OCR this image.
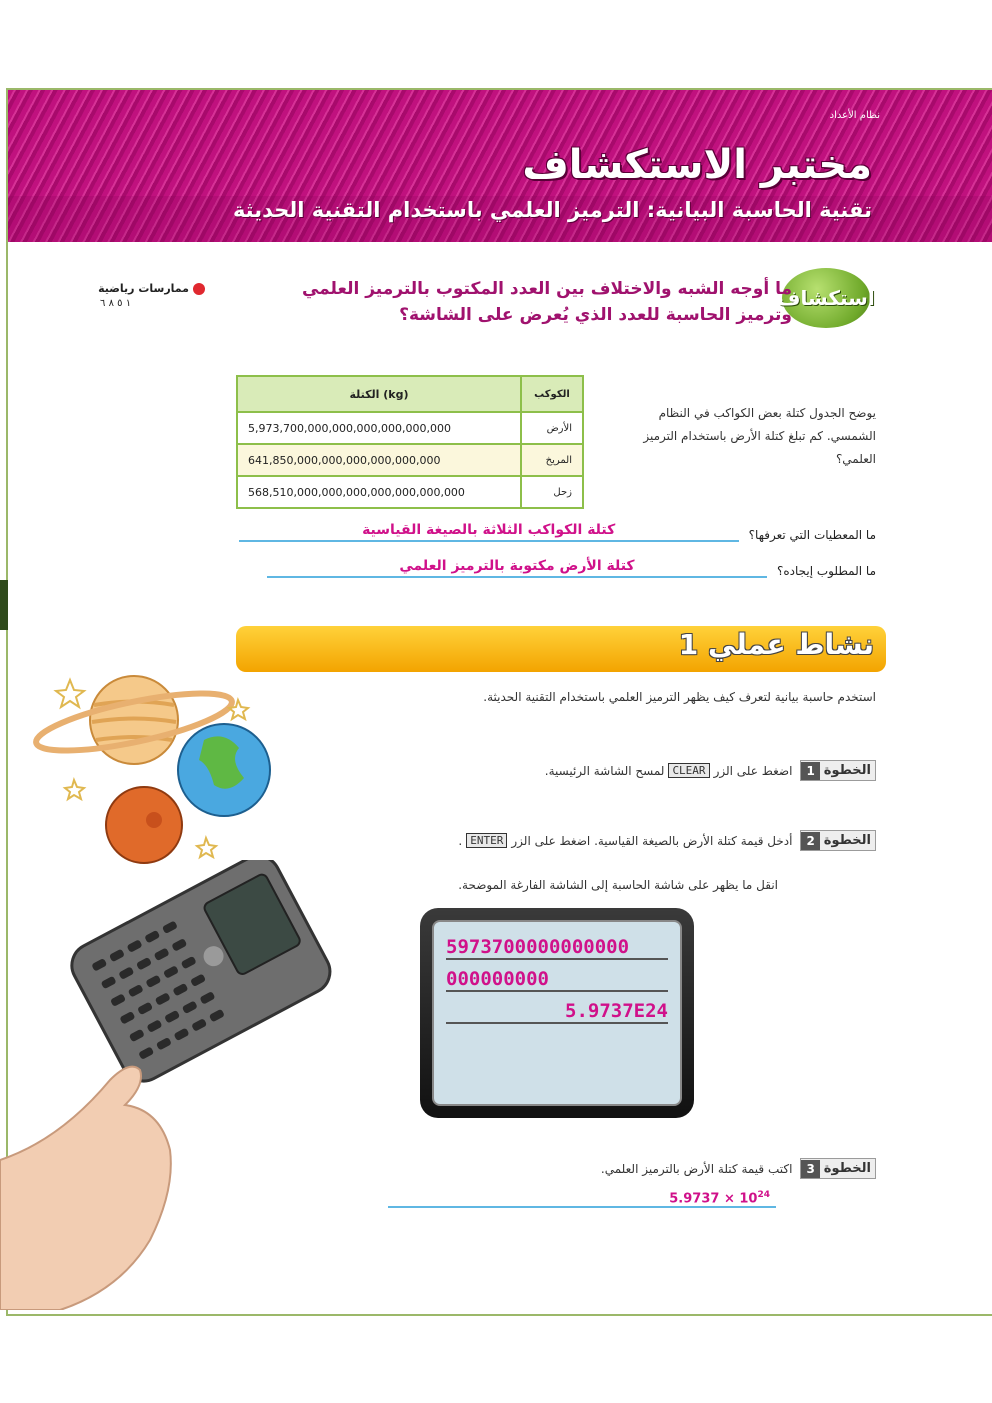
نظام الأعداد
مختبر الاستكشاف
تقنية الحاسبة البيانية: الترميز العلمي باستخدام التقنية الحديثة
استكشاف
ما أوجه الشبه والاختلاف بين العدد المكتوب بالترميز العلمي وترميز الحاسبة للعدد الذي يُعرض على الشاشة؟
ممارسات رياضية
١ ٥ ٨ ٦
الكوكب	الكتلة (kg)
الأرض	5,973,700,000,000,000,000,000,000
المريخ	641,850,000,000,000,000,000,000
زحل	568,510,000,000,000,000,000,000,000
يوضح الجدول كتلة بعض الكواكب في النظام الشمسي. كم تبلغ كتلة الأرض باستخدام الترميز العلمي؟
ما المعطيات التي تعرفها؟
كتلة الكواكب الثلاثة بالصيغة القياسية
ما المطلوب إيجاده؟
كتلة الأرض مكتوبة بالترميز العلمي
نشاط عملي 1
استخدم حاسبة بيانية لتعرف كيف يظهر الترميز العلمي باستخدام التقنية الحديثة.
الخطوة
1
اضغط على الزر
CLEAR
لمسح الشاشة الرئيسية.
الخطوة
2
أدخل قيمة كتلة الأرض بالصيغة القياسية. اضغط على الزر
ENTER
.
انقل ما يظهر على شاشة الحاسبة إلى الشاشة الفارغة الموضحة.
5973700000000000
000000000
5.9737E24
الخطوة
3
اكتب قيمة كتلة الأرض بالترميز العلمي.
$5.9737 \times 10^{24}$
